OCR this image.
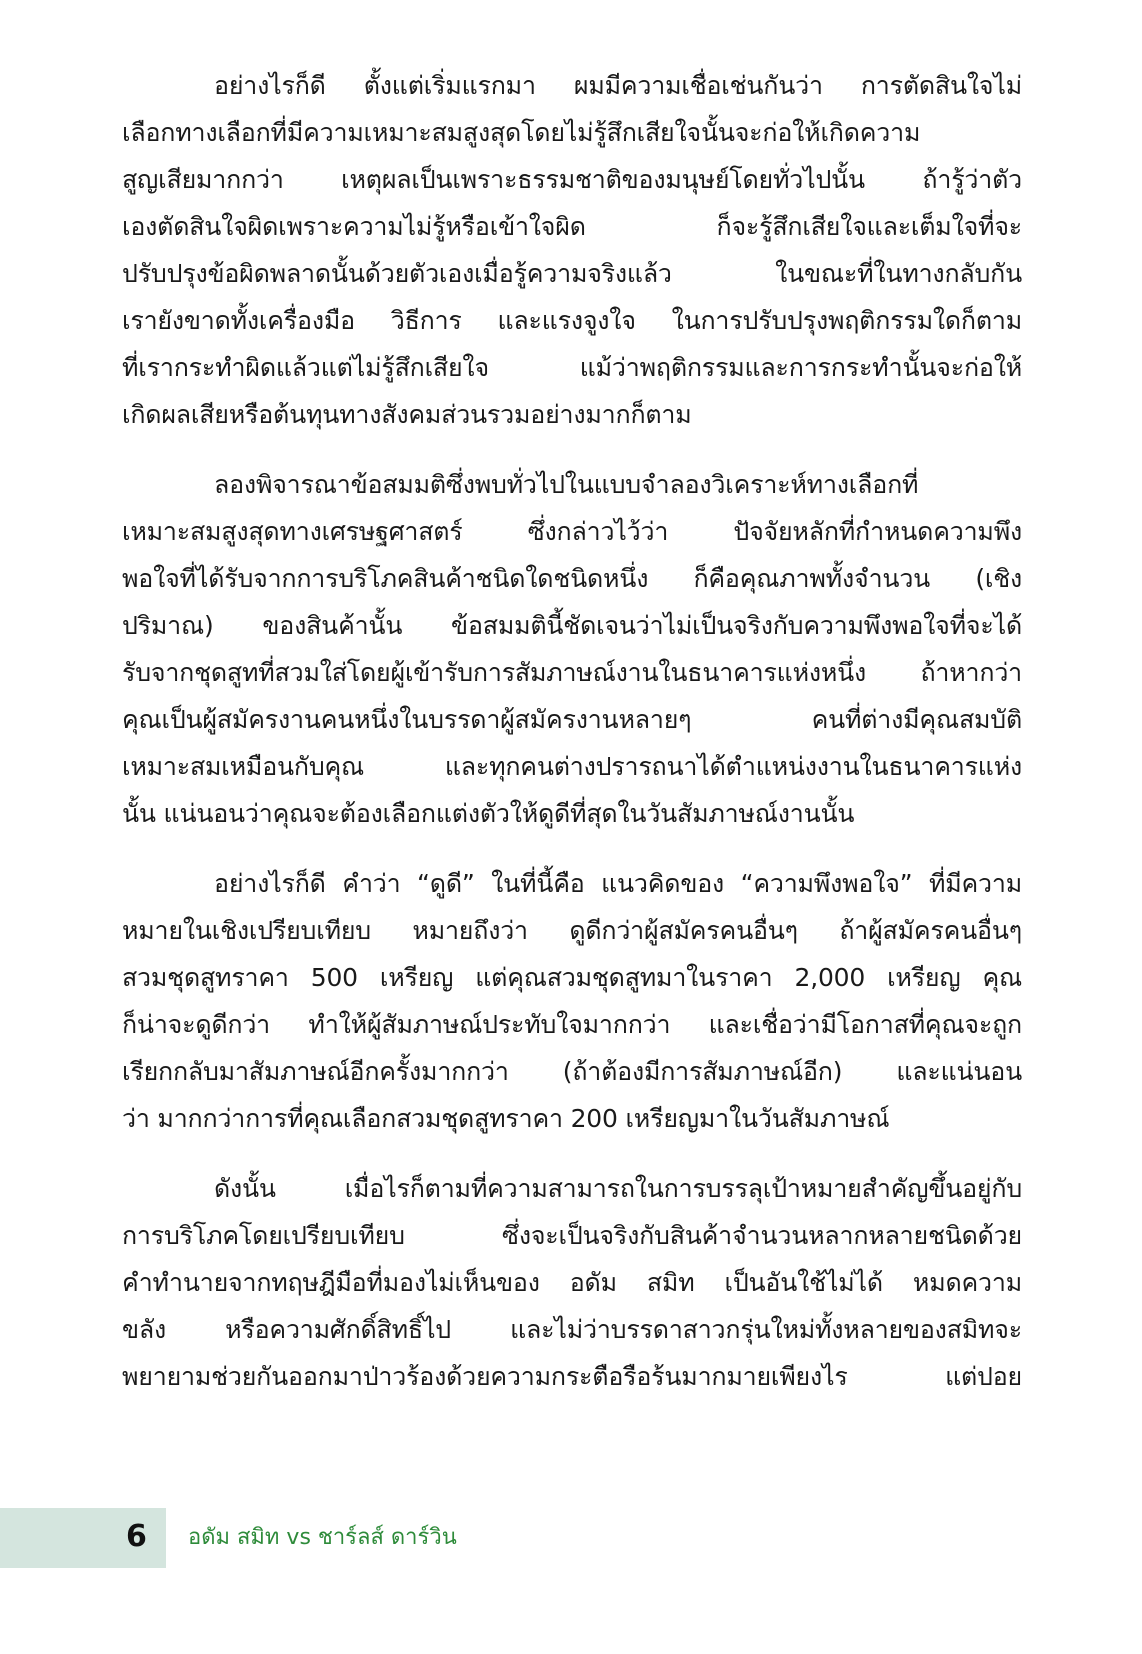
อย่างไรก็ดี ตั้งแต่เริ่มแรกมา ผมมีความเชื่อเช่นกันว่า การตัดสินใจไม่
เลือกทางเลือกที่มีความเหมาะสมสูงสุดโดยไม่รู้สึกเสียใจนั้นจะก่อให้เกิดความ
สูญเสียมากกว่า เหตุผลเป็นเพราะธรรมชาติของมนุษย์โดยทั่วไปนั้น ถ้ารู้ว่าตัว
เองตัดสินใจผิดเพราะความไม่รู้หรือเข้าใจผิด ก็จะรู้สึกเสียใจและเต็มใจที่จะ
ปรับปรุงข้อผิดพลาดนั้นด้วยตัวเองเมื่อรู้ความจริงแล้ว ในขณะที่ในทางกลับกัน
เรายังขาดทั้งเครื่องมือ วิธีการ และแรงจูงใจ ในการปรับปรุงพฤติกรรมใดก็ตาม
ที่เรากระทำผิดแล้วแต่ไม่รู้สึกเสียใจ แม้ว่าพฤติกรรมและการกระทำนั้นจะก่อให้
เกิดผลเสียหรือต้นทุนทางสังคมส่วนรวมอย่างมากก็ตาม

ลองพิจารณาข้อสมมติซึ่งพบทั่วไปในแบบจำลองวิเคราะห์ทางเลือกที่
เหมาะสมสูงสุดทางเศรษฐศาสตร์ ซึ่งกล่าวไว้ว่า ปัจจัยหลักที่กำหนดความพึง
พอใจที่ได้รับจากการบริโภคสินค้าชนิดใดชนิดหนึ่ง ก็คือคุณภาพทั้งจำนวน (เชิง
ปริมาณ) ของสินค้านั้น ข้อสมมตินี้ชัดเจนว่าไม่เป็นจริงกับความพึงพอใจที่จะได้
รับจากชุดสูทที่สวมใส่โดยผู้เข้ารับการสัมภาษณ์งานในธนาคารแห่งหนึ่ง ถ้าหากว่า
คุณเป็นผู้สมัครงานคนหนึ่งในบรรดาผู้สมัครงานหลายๆ คนที่ต่างมีคุณสมบัติ
เหมาะสมเหมือนกับคุณ และทุกคนต่างปรารถนาได้ตำแหน่งงานในธนาคารแห่ง
นั้น แน่นอนว่าคุณจะต้องเลือกแต่งตัวให้ดูดีที่สุดในวันสัมภาษณ์งานนั้น

อย่างไรก็ดี คำว่า “ดูดี” ในที่นี้คือ แนวคิดของ “ความพึงพอใจ” ที่มีความ
หมายในเชิงเปรียบเทียบ หมายถึงว่า ดูดีกว่าผู้สมัครคนอื่นๆ ถ้าผู้สมัครคนอื่นๆ
สวมชุดสูทราคา 500 เหรียญ แต่คุณสวมชุดสูทมาในราคา 2,000 เหรียญ คุณ
ก็น่าจะดูดีกว่า ทำให้ผู้สัมภาษณ์ประทับใจมากกว่า และเชื่อว่ามีโอกาสที่คุณจะถูก
เรียกกลับมาสัมภาษณ์อีกครั้งมากกว่า (ถ้าต้องมีการสัมภาษณ์อีก) และแน่นอน
ว่า มากกว่าการที่คุณเลือกสวมชุดสูทราคา 200 เหรียญมาในวันสัมภาษณ์

ดังนั้น เมื่อไรก็ตามที่ความสามารถในการบรรลุเป้าหมายสำคัญขึ้นอยู่กับ
การบริโภคโดยเปรียบเทียบ ซึ่งจะเป็นจริงกับสินค้าจำนวนหลากหลายชนิดด้วย
คำทำนายจากทฤษฎีมือที่มองไม่เห็นของ อดัม สมิท เป็นอันใช้ไม่ได้ หมดความ
ขลัง หรือความศักดิ์สิทธิ์ไป และไม่ว่าบรรดาสาวกรุ่นใหม่ทั้งหลายของสมิทจะ
พยายามช่วยกันออกมาป่าวร้องด้วยความกระตือรือร้นมากมายเพียงไร แต่ปอย

6 อดัม สมิท vs ชาร์ลส์ ดาร์วิน
